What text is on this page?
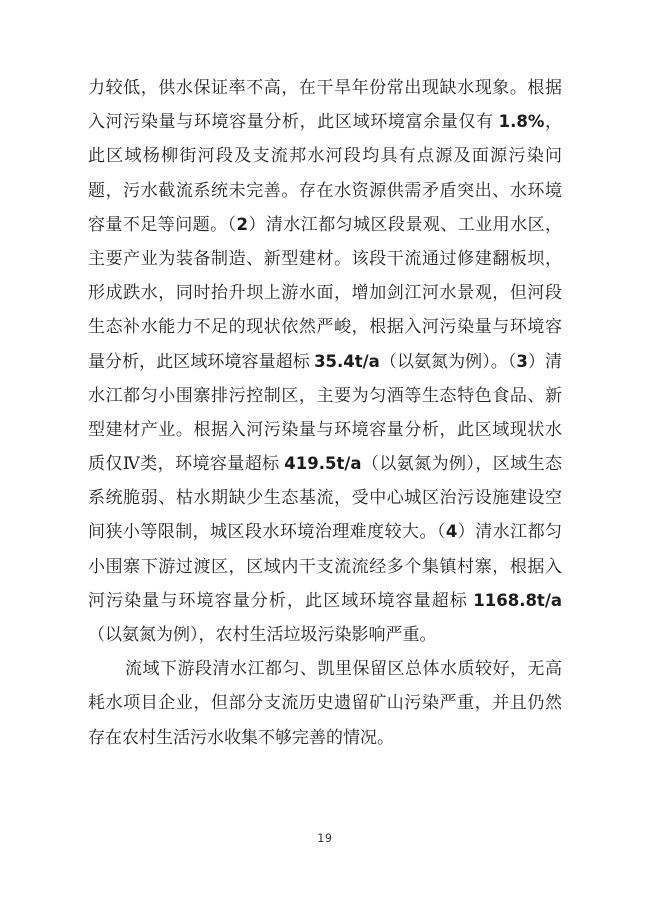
力较低，供水保证率不高，在干旱年份常出现缺水现象。根据
入河污染量与环境容量分析，此区域环境富余量仅有 1.8%，
此区域杨柳街河段及支流邦水河段均具有点源及面源污染问
题，污水截流系统未完善。存在水资源供需矛盾突出、水环境
容量不足等问题。（2）清水江都匀城区段景观、工业用水区，
主要产业为装备制造、新型建材。该段干流通过修建翻板坝，
形成跌水，同时抬升坝上游水面，增加剑江河水景观，但河段
生态补水能力不足的现状依然严峻，根据入河污染量与环境容
量分析，此区域环境容量超标 35.4t/a（以氨氮为例）。（3）清
水江都匀小围寨排污控制区，主要为匀酒等生态特色食品、新
型建材产业。根据入河污染量与环境容量分析，此区域现状水
质仅Ⅳ类，环境容量超标 419.5t/a（以氨氮为例），区域生态
系统脆弱、枯水期缺少生态基流，受中心城区治污设施建设空
间狭小等限制，城区段水环境治理难度较大。（4）清水江都匀
小围寨下游过渡区，区域内干支流流经多个集镇村寨，根据入
河污染量与环境容量分析，此区域环境容量超标 1168.8t/a
（以氨氮为例），农村生活垃圾污染影响严重。
流域下游段清水江都匀、凯里保留区总体水质较好，无高
耗水项目企业，但部分支流历史遗留矿山污染严重，并且仍然
存在农村生活污水收集不够完善的情况。
19
